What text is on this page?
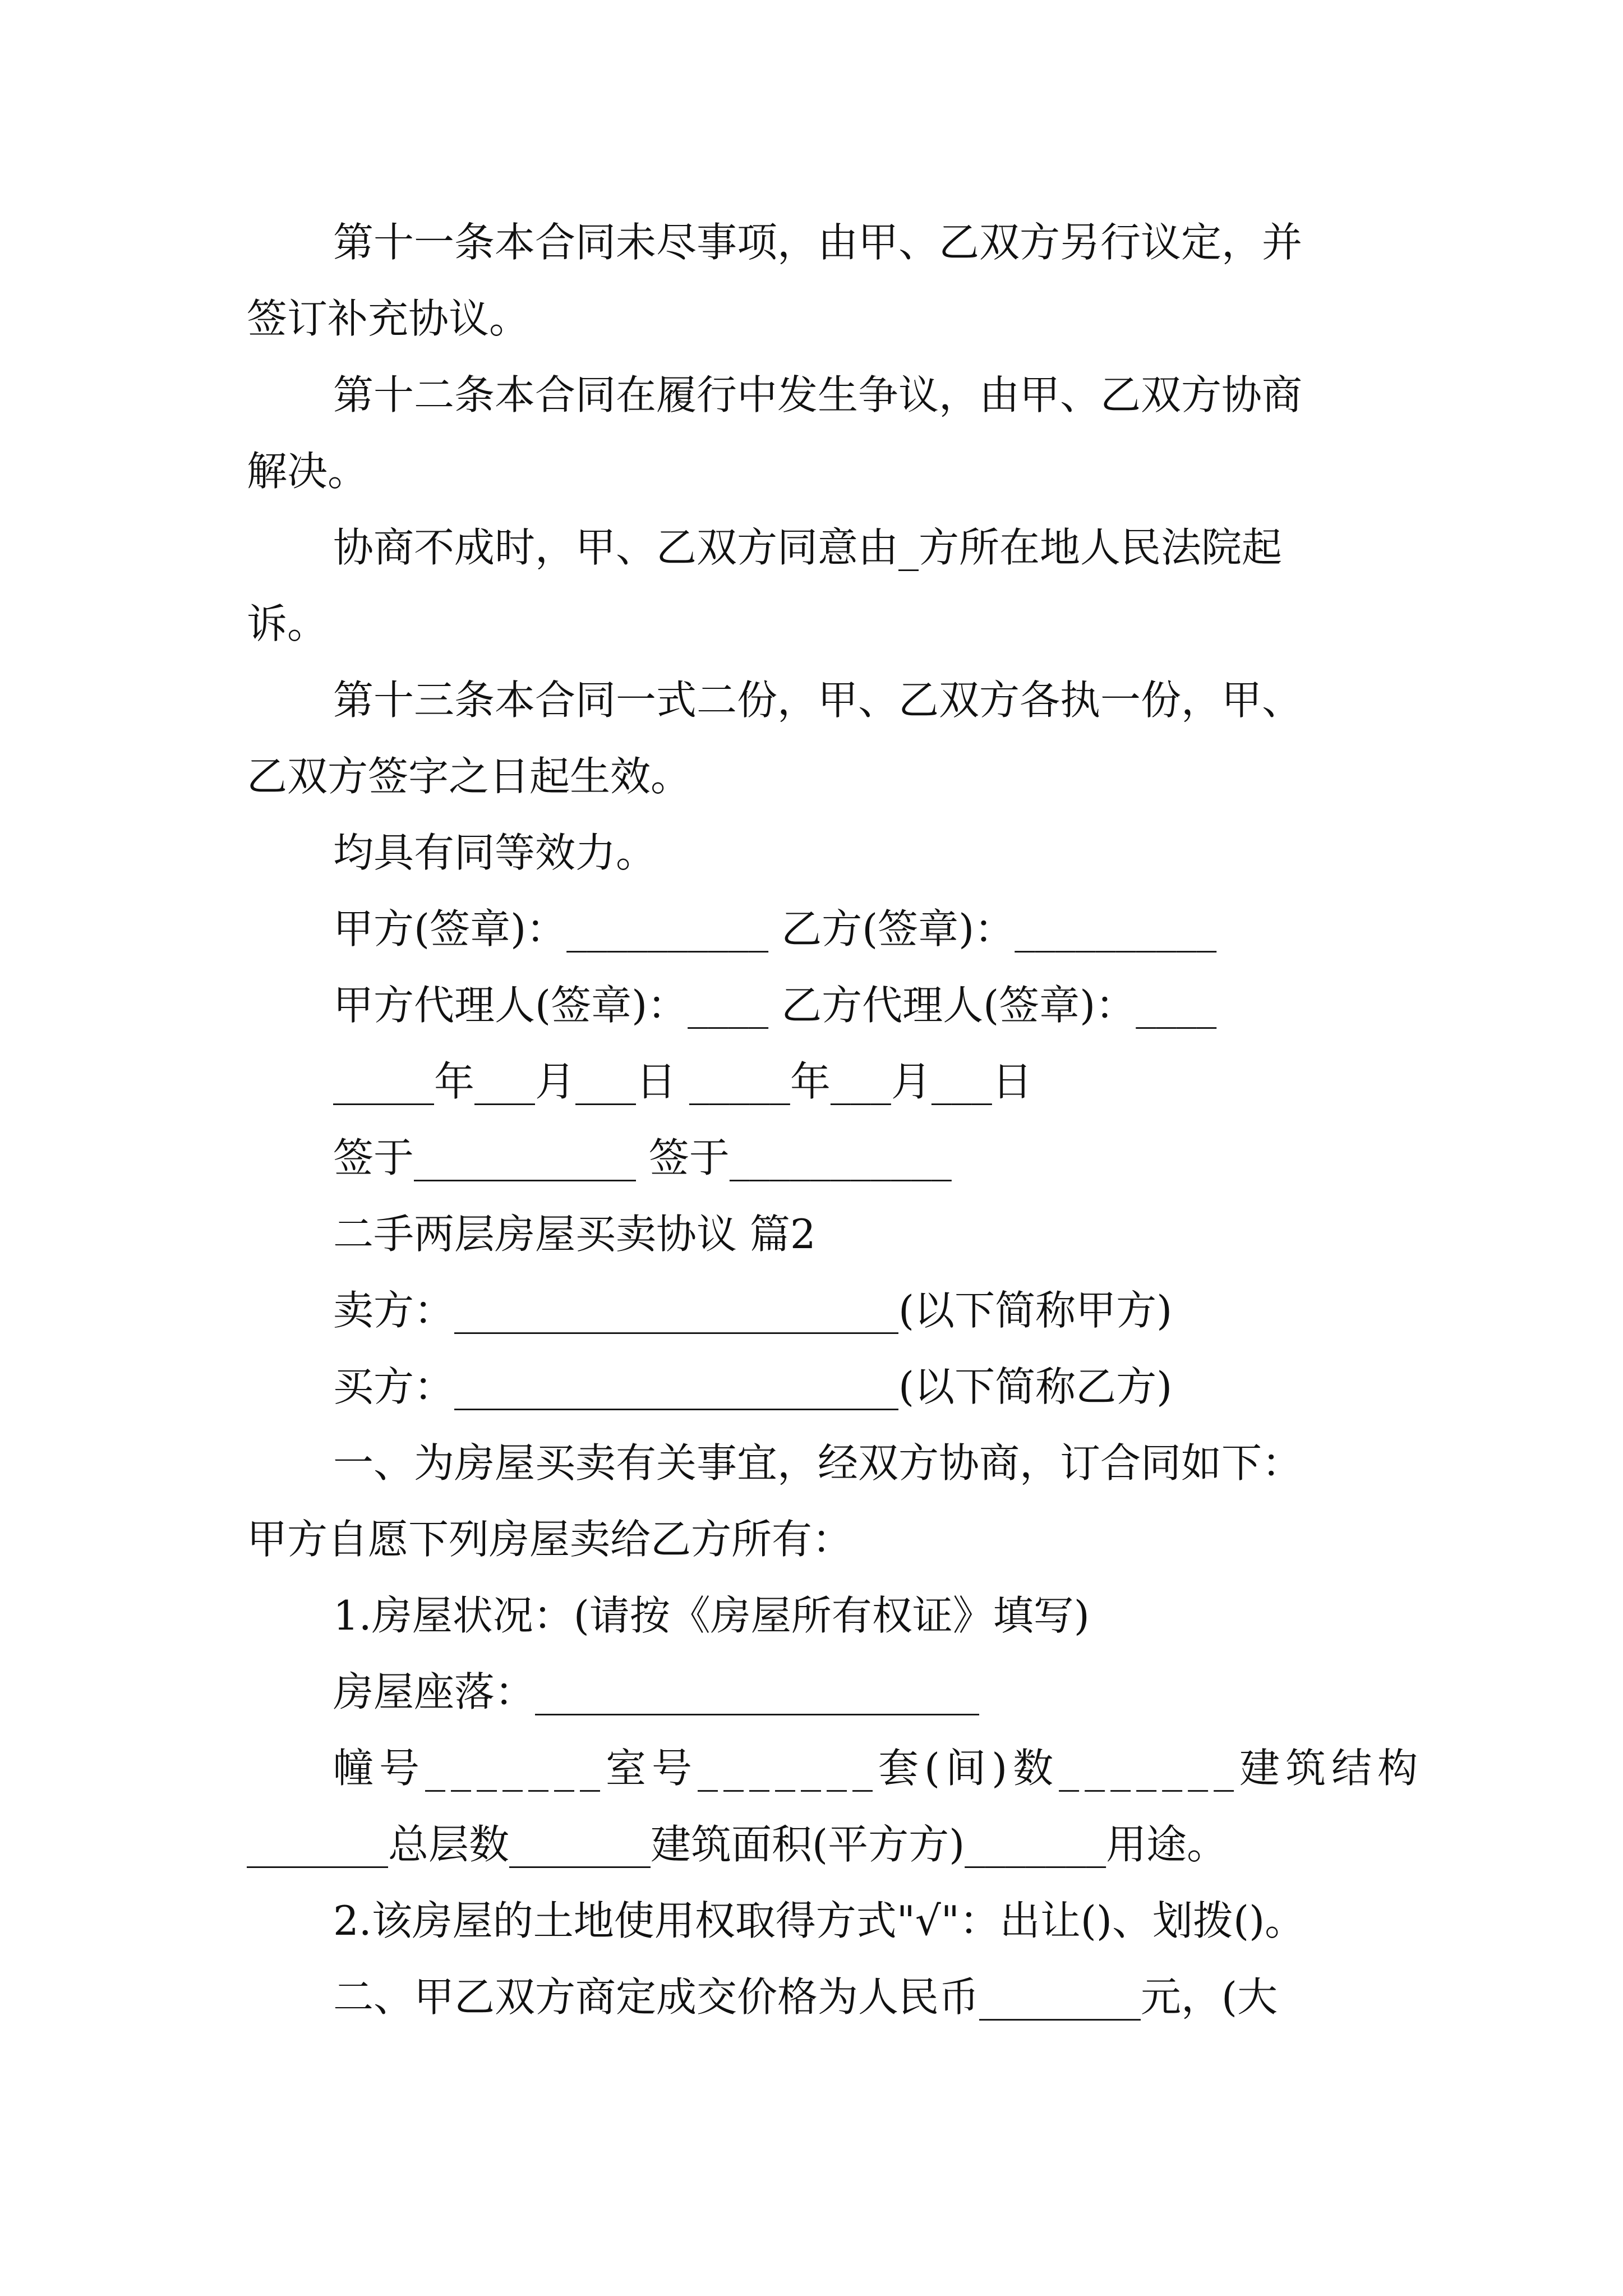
第十一条本合同未尽事项，由甲、乙双方另行议定，并

签订补充协议。

第十二条本合同在履行中发生争议，由甲、乙双方协商

解决。

协商不成时，甲、乙双方同意由_方所在地人民法院起

诉。

第十三条本合同一式二份，甲、乙双方各执一份，甲、

乙双方签字之日起生效。

均具有同等效力。

甲方(签章)：__________ 乙方(签章)：__________

甲方代理人(签章)：____ 乙方代理人(签章)：____

_____年___月___日 _____年___月___日

签于___________ 签于___________

二手两层房屋买卖协议 篇2

卖方：______________________(以下简称甲方)

买方：______________________(以下简称乙方)

一、为房屋买卖有关事宜，经双方协商，订合同如下：

甲方自愿下列房屋卖给乙方所有：

1.房屋状况：(请按《房屋所有权证》填写)

房屋座落：______________________

幢号_______室号_______套(间)数_______建筑结构

_______总层数_______建筑面积(平方方)_______用途。

2.该房屋的土地使用权取得方式"√"：出让()、划拨()。

二、甲乙双方商定成交价格为人民币________元，(大
